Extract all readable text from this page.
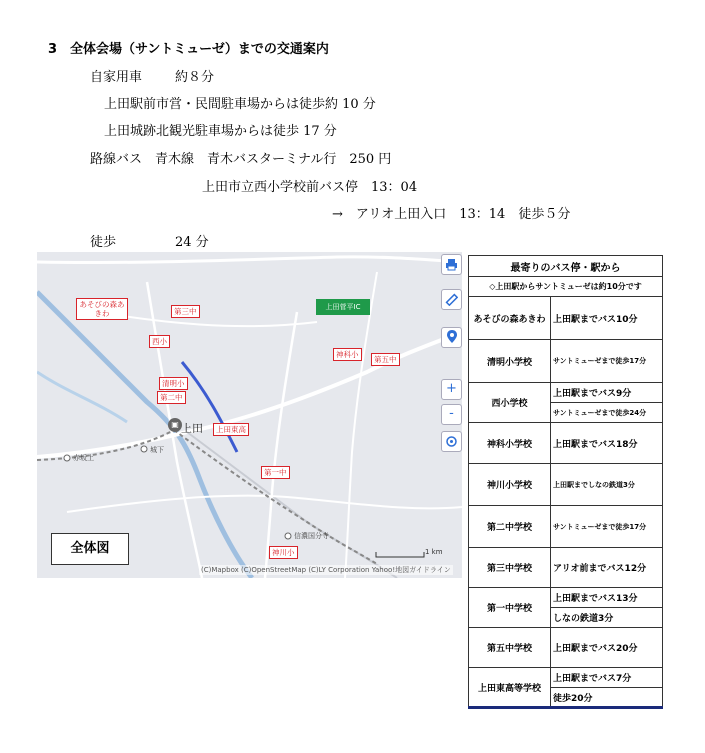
3　全体会場（サントミューゼ）までの交通案内
自家用車	約８分
上田駅前市営・民間駐車場からは徒歩約 10 分
上田城跡北観光駐車場からは徒歩 17 分
路線バス　青木線　青木バスターミナル行　250 円
上田市立西小学校前バス停　13：04
→　アリオ上田入口　13：14　徒歩５分
徒歩	24 分
上田菅平IC
あそびの森あきわ	第三中
西小
神科小
第五中
清明小
第二中
上田東高
第一中
神川小
▣ 上田
赤坂上
城下
信濃国分寺
+
-
全体図	1 km
(C)Mapbox (C)OpenStreetMap (C)LY Corporation Yahoo!地図ガイドライン
最寄りのバス停・駅から	
◇上田駅からサントミューゼは約10分です	
あそびの森あきわ	上田駅までバス10分
清明小学校	サントミューゼまで徒歩17分
西小学校	上田駅までバス9分
	サントミューゼまで徒歩24分
神科小学校	上田駅までバス18分
神川小学校	上田駅までしなの鉄道3分
第二中学校	サントミューゼまで徒歩17分
第三中学校	アリオ前までバス12分
第一中学校	上田駅までバス13分
	しなの鉄道3分
第五中学校	上田駅までバス20分
上田東高等学校	上田駅までバス7分
	徒歩20分
